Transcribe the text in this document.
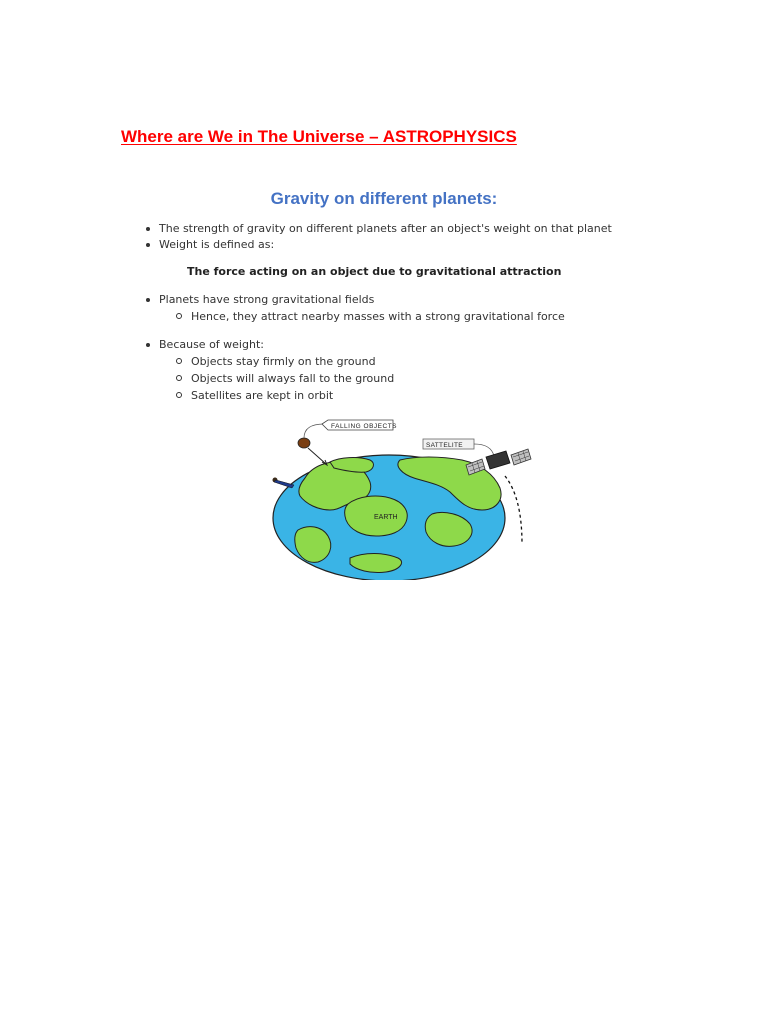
Where are We in The Universe – ASTROPHYSICS
Gravity on different planets:
The strength of gravity on different planets after an object's weight on that planet
Weight is defined as:
The force acting on an object due to gravitational attraction
Planets have strong gravitational fields
Hence, they attract nearby masses with a strong gravitational force
Because of weight:
Objects stay firmly on the ground
Objects will always fall to the ground
Satellites are kept in orbit
EARTH
FALLING OBJECTS
SATTELITE
